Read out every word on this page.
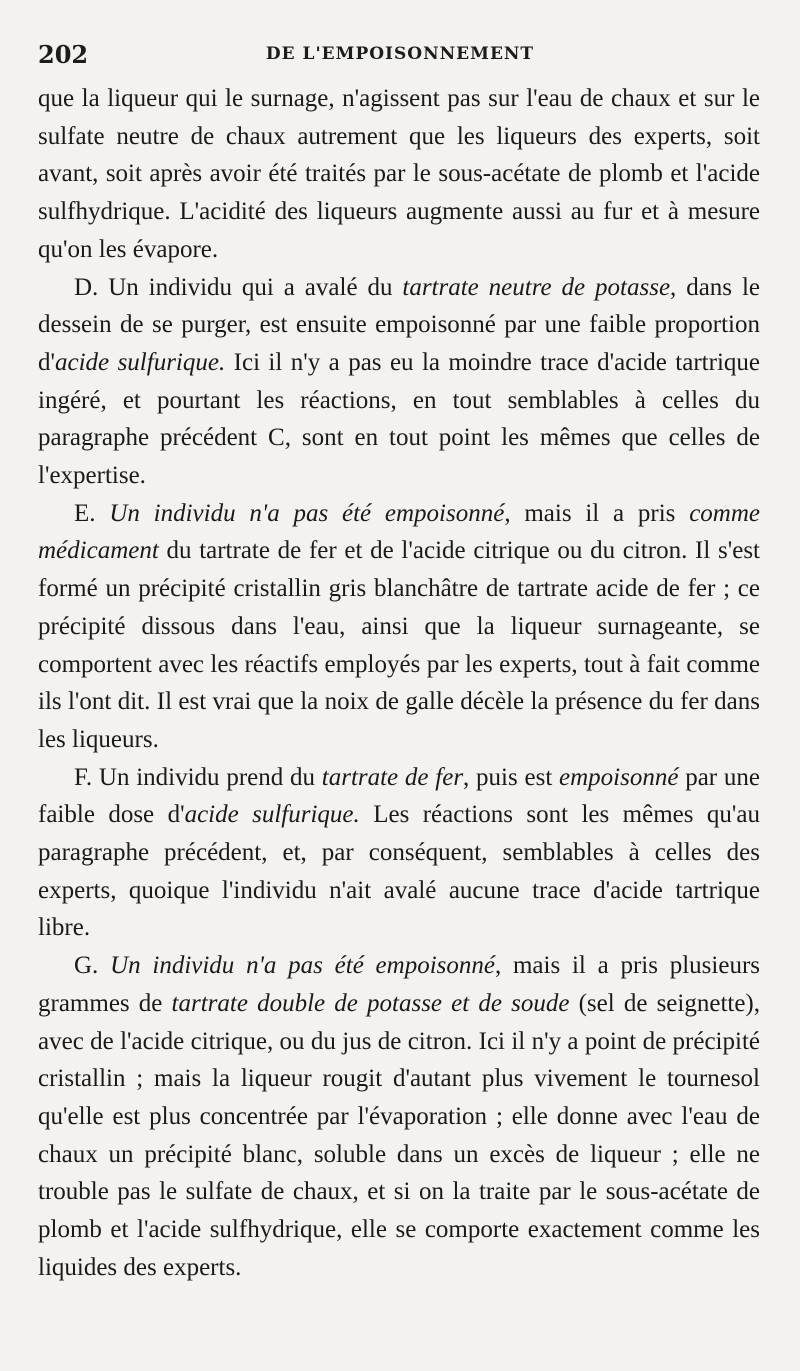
202	DE L'EMPOISONNEMENT

que la liqueur qui le surnage, n'agissent pas sur l'eau de chaux et sur le sulfate neutre de chaux autrement que les liqueurs des experts, soit avant, soit après avoir été traités par le sous-acétate de plomb et l'acide sulfhydrique. L'acidité des liqueurs augmente aussi au fur et à mesure qu'on les évapore.

D. Un individu qui a avalé du tartrate neutre de potasse, dans le dessein de se purger, est ensuite empoisonné par une faible proportion d'acide sulfurique. Ici il n'y a pas eu la moindre trace d'acide tartrique ingéré, et pourtant les réactions, en tout semblables à celles du paragraphe précédent C, sont en tout point les mêmes que celles de l'expertise.

E. Un individu n'a pas été empoisonné, mais il a pris comme médicament du tartrate de fer et de l'acide citrique ou du citron. Il s'est formé un précipité cristallin gris blanchâtre de tartrate acide de fer ; ce précipité dissous dans l'eau, ainsi que la liqueur surnageante, se comportent avec les réactifs employés par les experts, tout à fait comme ils l'ont dit. Il est vrai que la noix de galle décèle la présence du fer dans les liqueurs.

F. Un individu prend du tartrate de fer, puis est empoisonné par une faible dose d'acide sulfurique. Les réactions sont les mêmes qu'au paragraphe précédent, et, par conséquent, semblables à celles des experts, quoique l'individu n'ait avalé aucune trace d'acide tartrique libre.

G. Un individu n'a pas été empoisonné, mais il a pris plusieurs grammes de tartrate double de potasse et de soude (sel de seignette), avec de l'acide citrique, ou du jus de citron. Ici il n'y a point de précipité cristallin ; mais la liqueur rougit d'autant plus vivement le tournesol qu'elle est plus concentrée par l'évaporation ; elle donne avec l'eau de chaux un précipité blanc, soluble dans un excès de liqueur ; elle ne trouble pas le sulfate de chaux, et si on la traite par le sous-acétate de plomb et l'acide sulfhydrique, elle se comporte exactement comme les liquides des experts.
